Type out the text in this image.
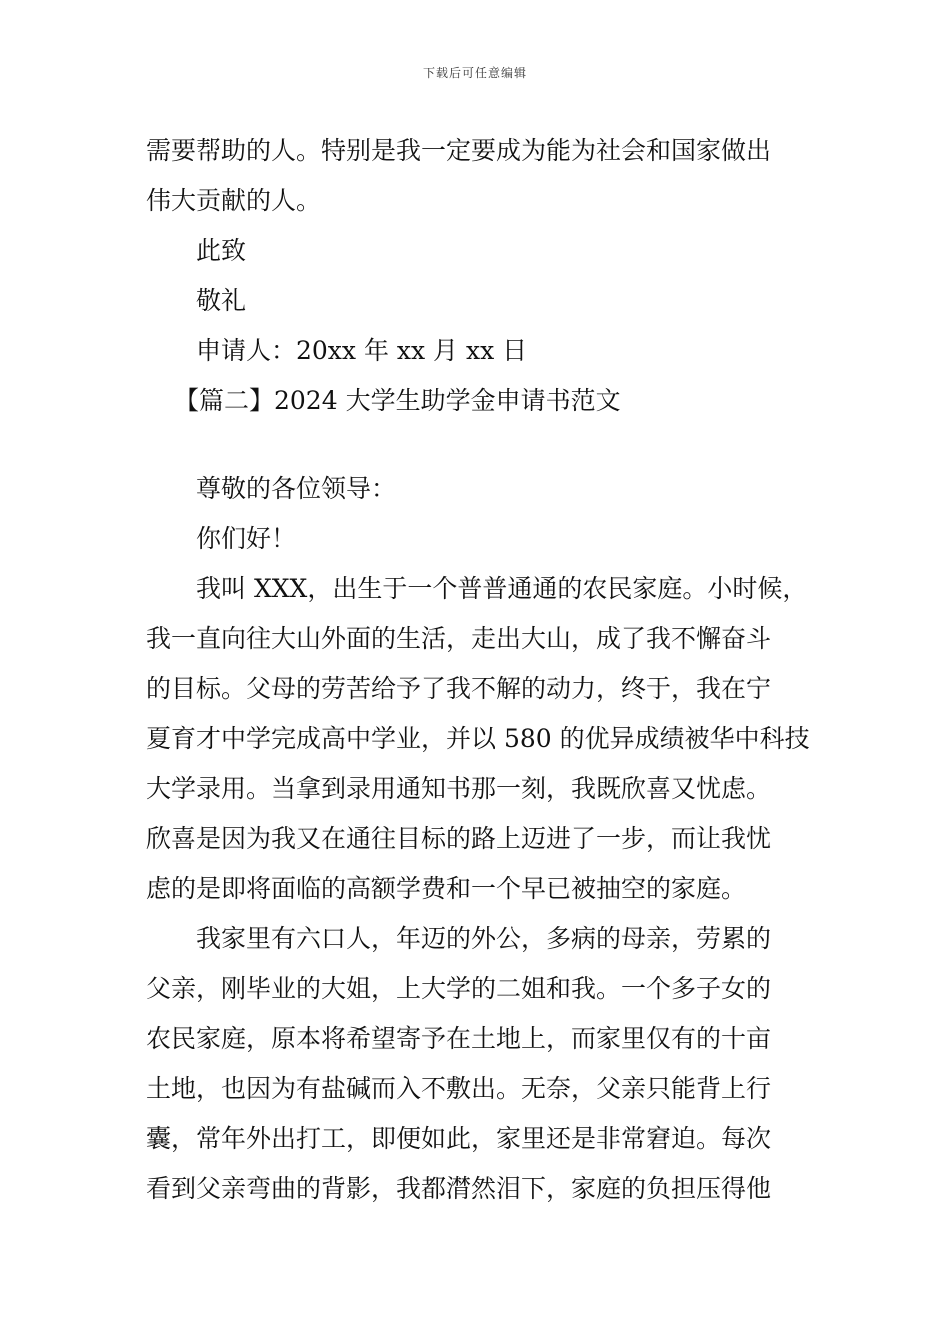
下载后可任意编辑
需要帮助的人。特别是我一定要成为能为社会和国家做出
伟大贡献的人。
此致
敬礼
申请人：20xx 年 xx 月 xx 日
【篇二】2024 大学生助学金申请书范文
尊敬的各位领导：
你们好！
我叫 XXX，出生于一个普普通通的农民家庭。小时候，
我一直向往大山外面的生活，走出大山，成了我不懈奋斗
的目标。父母的劳苦给予了我不解的动力，终于，我在宁
夏育才中学完成高中学业，并以 580 的优异成绩被华中科技
大学录用。当拿到录用通知书那一刻，我既欣喜又忧虑。
欣喜是因为我又在通往目标的路上迈进了一步，而让我忧
虑的是即将面临的高额学费和一个早已被抽空的家庭。
我家里有六口人，年迈的外公，多病的母亲，劳累的
父亲，刚毕业的大姐，上大学的二姐和我。一个多子女的
农民家庭，原本将希望寄予在土地上，而家里仅有的十亩
土地，也因为有盐碱而入不敷出。无奈，父亲只能背上行
囊，常年外出打工，即便如此，家里还是非常窘迫。每次
看到父亲弯曲的背影，我都潸然泪下，家庭的负担压得他
